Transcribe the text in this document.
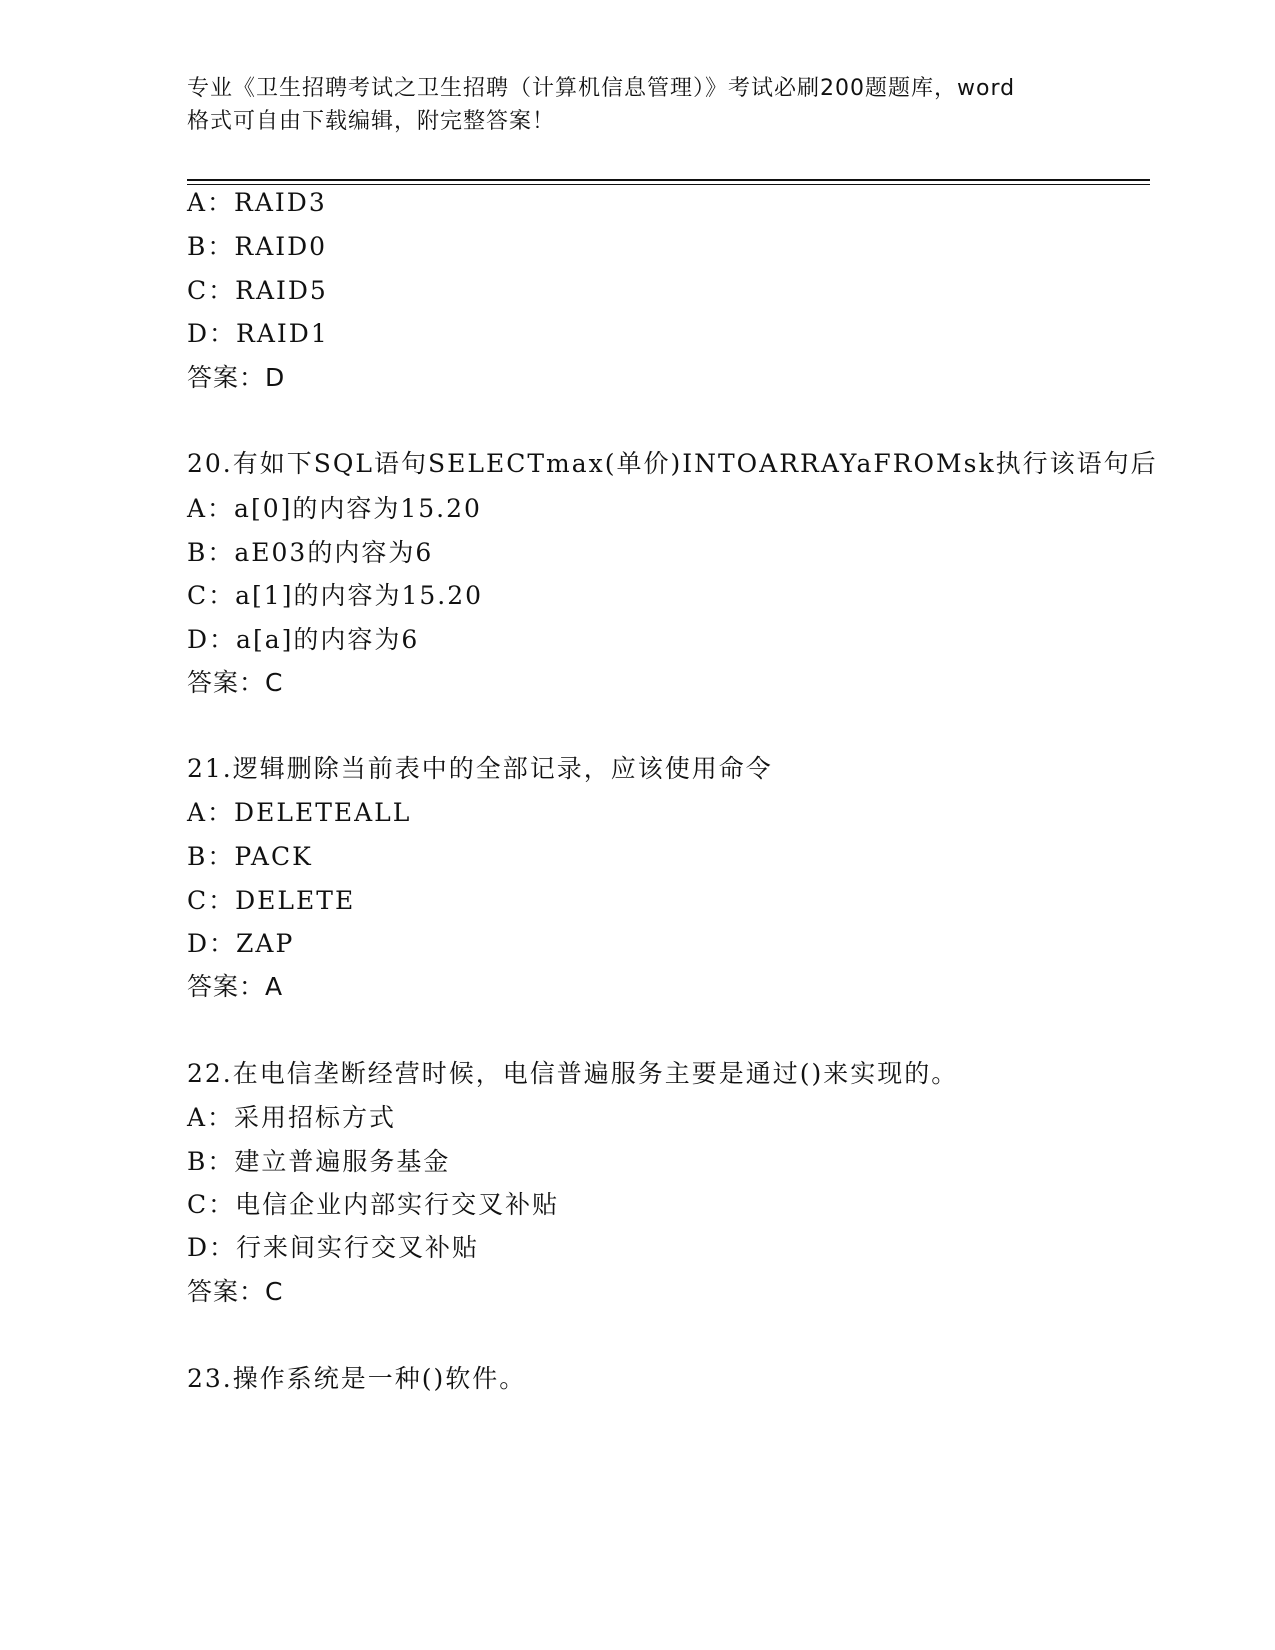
专业《卫生招聘考试之卫生招聘（计算机信息管理）》考试必刷200题题库，word
格式可自由下载编辑，附完整答案！
A：RAID3
B：RAID0
C：RAID5
D：RAID1
答案：D
20.有如下SQL语句SELECTmax(单价)INTOARRAYaFROMsk执行该语句后
A：a[0]的内容为15.20
B：aE03的内容为6
C：a[1]的内容为15.20
D：a[a]的内容为6
答案：C
21.逻辑删除当前表中的全部记录，应该使用命令
A：DELETEALL
B：PACK
C：DELETE
D：ZAP
答案：A
22.在电信垄断经营时候，电信普遍服务主要是通过()来实现的。
A：采用招标方式
B：建立普遍服务基金
C：电信企业内部实行交叉补贴
D：行来间实行交叉补贴
答案：C
23.操作系统是一种()软件。
